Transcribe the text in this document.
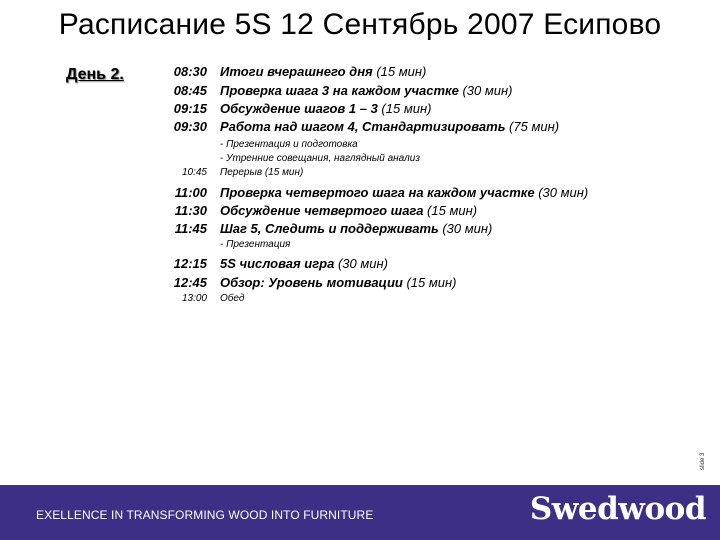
Расписание 5S 12 Сентябрь 2007 Есипово
День 2.	08:30 Итоги вчерашнего дня (15 мин)
08:45 Проверка шага 3 на каждом участке (30 мин)
09:15 Обсуждение шагов 1 – 3 (15 мин)
09:30 Работа над шагом 4, Стандартизировать (75 мин)
- Презентация и подготовка
- Утренние совещания, наглядный анализ
10:45 Перерыв (15 мин)
11:00 Проверка четвертого шага на каждом участке (30 мин)
11:30 Обсуждение четвертого шага (15 мин)
11:45 Шаг 5, Следить и поддерживать (30 мин)
- Презентация
12:15 5S числовая игра (30 мин)
12:45 Обзор: Уровень мотивации (15 мин)
13:00 Обед
slide 3
EXELLENCE IN TRANSFORMING WOOD INTO FURNITURE	Swedwood
